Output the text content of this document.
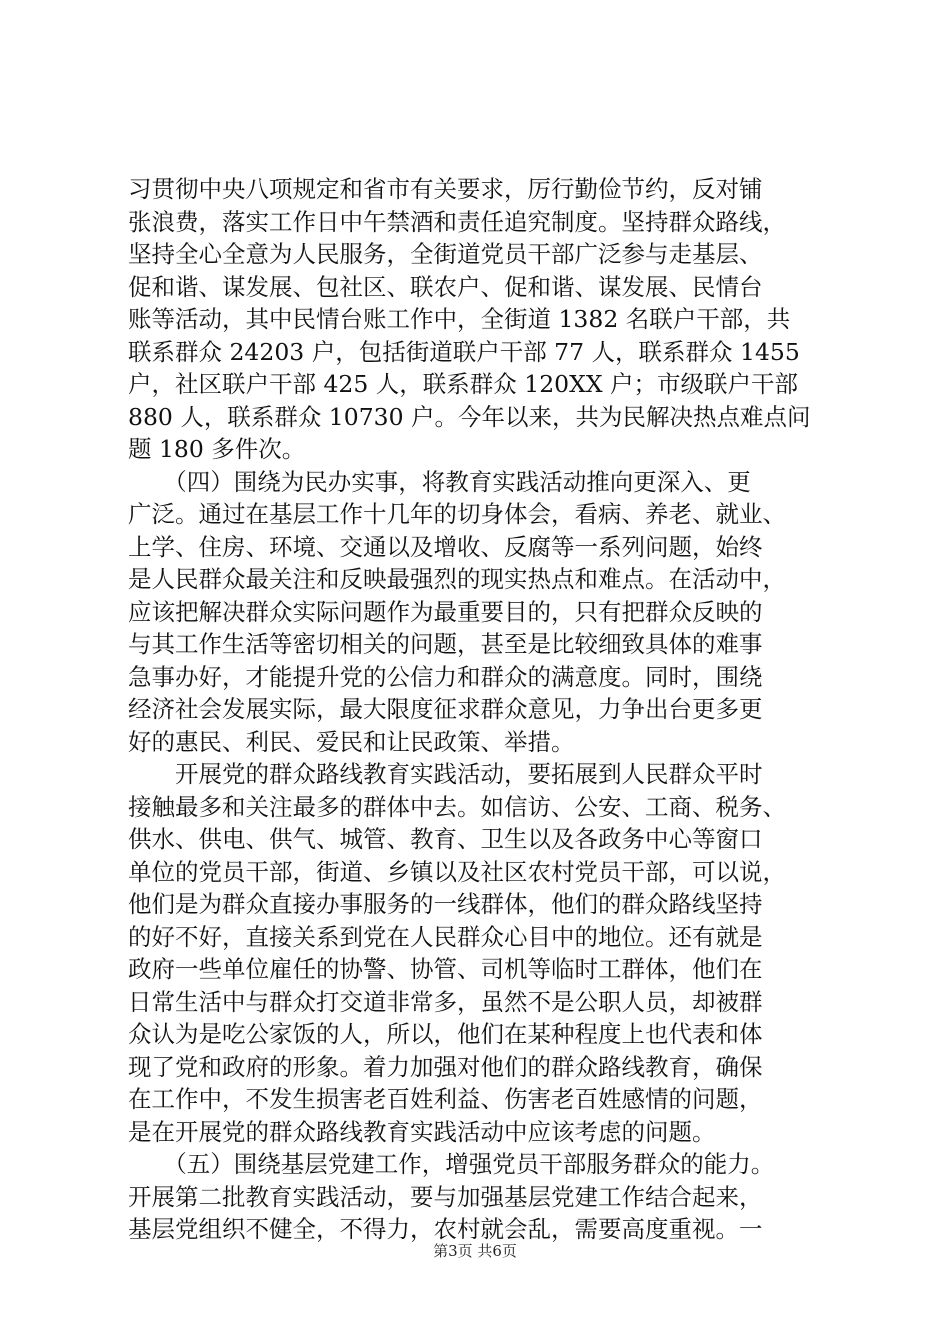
习贯彻中央八项规定和省市有关要求，厉行勤俭节约，反对铺
张浪费，落实工作日中午禁酒和责任追究制度。坚持群众路线，
坚持全心全意为人民服务，全街道党员干部广泛参与走基层、
促和谐、谋发展、包社区、联农户、促和谐、谋发展、民情台
账等活动，其中民情台账工作中，全街道 1382 名联户干部，共
联系群众 24203 户，包括街道联户干部 77 人，联系群众 1455
户，社区联户干部 425 人，联系群众 120XX 户；市级联户干部
880 人，联系群众 10730 户。今年以来，共为民解决热点难点问
题 180 多件次。
　　（四）围绕为民办实事，将教育实践活动推向更深入、更
广泛。通过在基层工作十几年的切身体会，看病、养老、就业、
上学、住房、环境、交通以及增收、反腐等一系列问题，始终
是人民群众最关注和反映最强烈的现实热点和难点。在活动中，
应该把解决群众实际问题作为最重要目的，只有把群众反映的
与其工作生活等密切相关的问题，甚至是比较细致具体的难事
急事办好，才能提升党的公信力和群众的满意度。同时，围绕
经济社会发展实际，最大限度征求群众意见，力争出台更多更
好的惠民、利民、爱民和让民政策、举措。
　　开展党的群众路线教育实践活动，要拓展到人民群众平时
接触最多和关注最多的群体中去。如信访、公安、工商、税务、
供水、供电、供气、城管、教育、卫生以及各政务中心等窗口
单位的党员干部，街道、乡镇以及社区农村党员干部，可以说，
他们是为群众直接办事服务的一线群体，他们的群众路线坚持
的好不好，直接关系到党在人民群众心目中的地位。还有就是
政府一些单位雇任的协警、协管、司机等临时工群体，他们在
日常生活中与群众打交道非常多，虽然不是公职人员，却被群
众认为是吃公家饭的人，所以，他们在某种程度上也代表和体
现了党和政府的形象。着力加强对他们的群众路线教育，确保
在工作中，不发生损害老百姓利益、伤害老百姓感情的问题，
是在开展党的群众路线教育实践活动中应该考虑的问题。
　　（五）围绕基层党建工作，增强党员干部服务群众的能力。
开展第二批教育实践活动，要与加强基层党建工作结合起来，
基层党组织不健全，不得力，农村就会乱，需要高度重视。一
第3页 共6页
